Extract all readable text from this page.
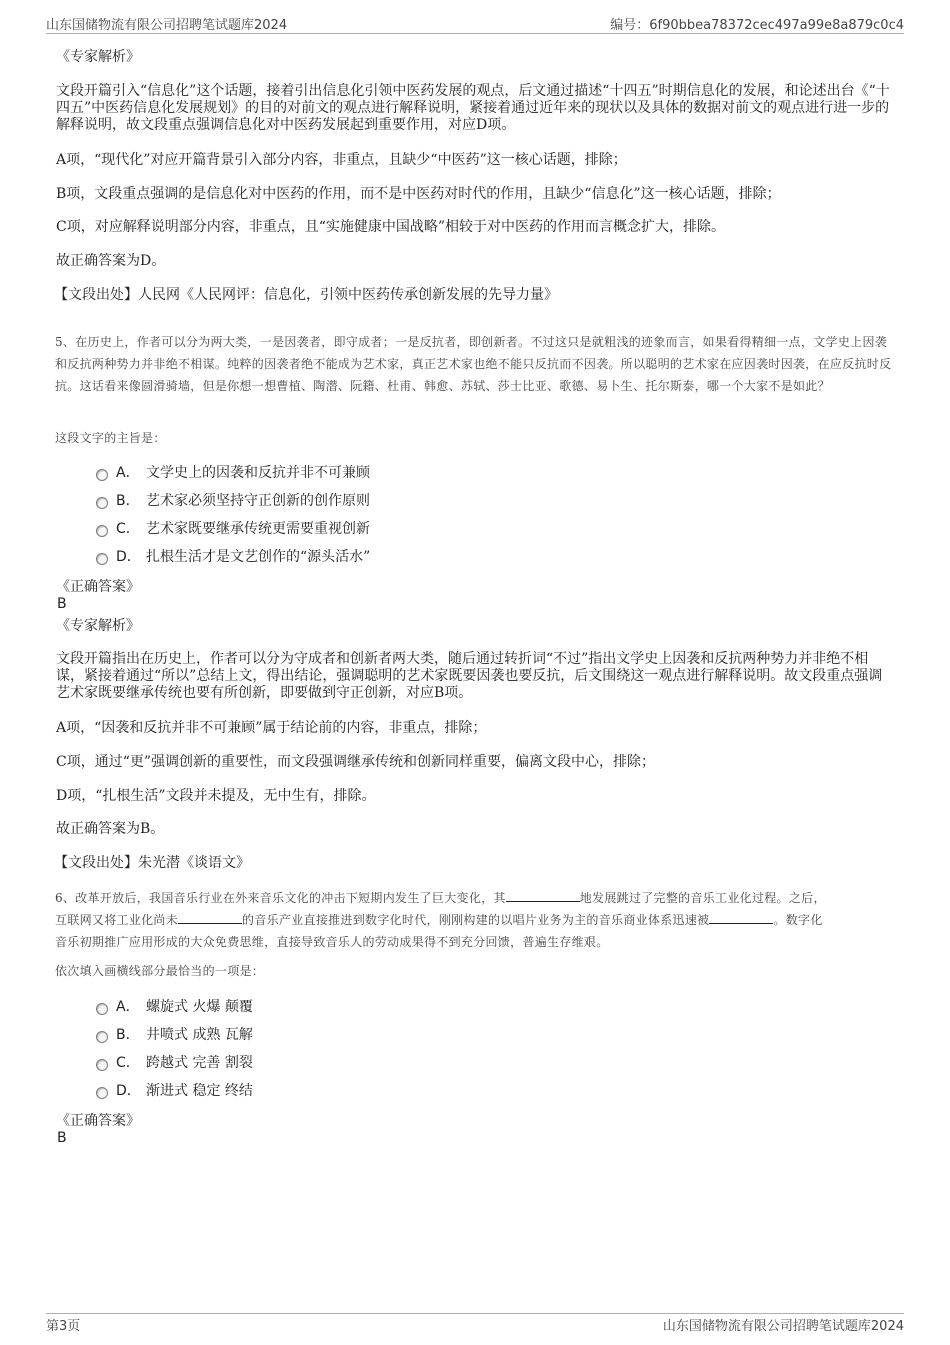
山东国储物流有限公司招聘笔试题库2024	编号：6f90bbea78372cec497a99e8a879c0c4

《专家解析》

文段开篇引入“信息化”这个话题，接着引出信息化引领中医药发展的观点，后文通过描述“十四五”时期信息化的发展，和论述出台《“十四五”中医药信息化发展规划》的目的对前文的观点进行解释说明，紧接着通过近年来的现状以及具体的数据对前文的观点进行进一步的解释说明，故文段重点强调信息化对中医药发展起到重要作用，对应D项。

A项，“现代化”对应开篇背景引入部分内容，非重点，且缺少“中医药”这一核心话题，排除；

B项，文段重点强调的是信息化对中医药的作用，而不是中医药对时代的作用，且缺少“信息化”这一核心话题，排除；

C项，对应解释说明部分内容，非重点，且“实施健康中国战略”相较于对中医药的作用而言概念扩大，排除。

故正确答案为D。

【文段出处】人民网《人民网评：信息化，引领中医药传承创新发展的先导力量》

5、在历史上，作者可以分为两大类，一是因袭者，即守成者；一是反抗者，即创新者。不过这只是就粗浅的迹象而言，如果看得精细一点，文学史上因袭和反抗两种势力并非绝不相谋。纯粹的因袭者绝不能成为艺术家，真正艺术家也绝不能只反抗而不因袭。所以聪明的艺术家在应因袭时因袭，在应反抗时反抗。这话看来像圆滑骑墙，但是你想一想曹植、陶潜、阮籍、杜甫、韩愈、苏轼、莎士比亚、歌德、易卜生、托尔斯泰，哪一个大家不是如此？

这段文字的主旨是：

A． 文学史上的因袭和反抗并非不可兼顾
B． 艺术家必须坚持守正创新的创作原则
C． 艺术家既要继承传统更需要重视创新
D． 扎根生活才是文艺创作的“源头活水”

《正确答案》

B

《专家解析》

文段开篇指出在历史上，作者可以分为守成者和创新者两大类，随后通过转折词“不过”指出文学史上因袭和反抗两种势力并非绝不相谋，紧接着通过“所以”总结上文，得出结论，强调聪明的艺术家既要因袭也要反抗，后文围绕这一观点进行解释说明。故文段重点强调艺术家既要继承传统也要有所创新，即要做到守正创新，对应B项。

A项，“因袭和反抗并非不可兼顾”属于结论前的内容，非重点，排除；

C项，通过“更”强调创新的重要性，而文段强调继承传统和创新同样重要，偏离文段中心，排除；

D项，“扎根生活”文段并未提及，无中生有，排除。

故正确答案为B。

【文段出处】朱光潜《谈语文》

6、改革开放后，我国音乐行业在外来音乐文化的冲击下短期内发生了巨大变化，其	地发展跳过了完整的音乐工业化过程。之后，
互联网又将工业化尚未	的音乐产业直接推进到数字化时代，刚刚构建的以唱片业务为主的音乐商业体系迅速被	。数字化
音乐初期推广应用形成的大众免费思维，直接导致音乐人的劳动成果得不到充分回馈，普遍生存维艰。

依次填入画横线部分最恰当的一项是：

A． 螺旋式 火爆 颠覆
B． 井喷式 成熟 瓦解
C． 跨越式 完善 割裂
D． 渐进式 稳定 终结

《正确答案》

B

第3页	山东国储物流有限公司招聘笔试题库2024
